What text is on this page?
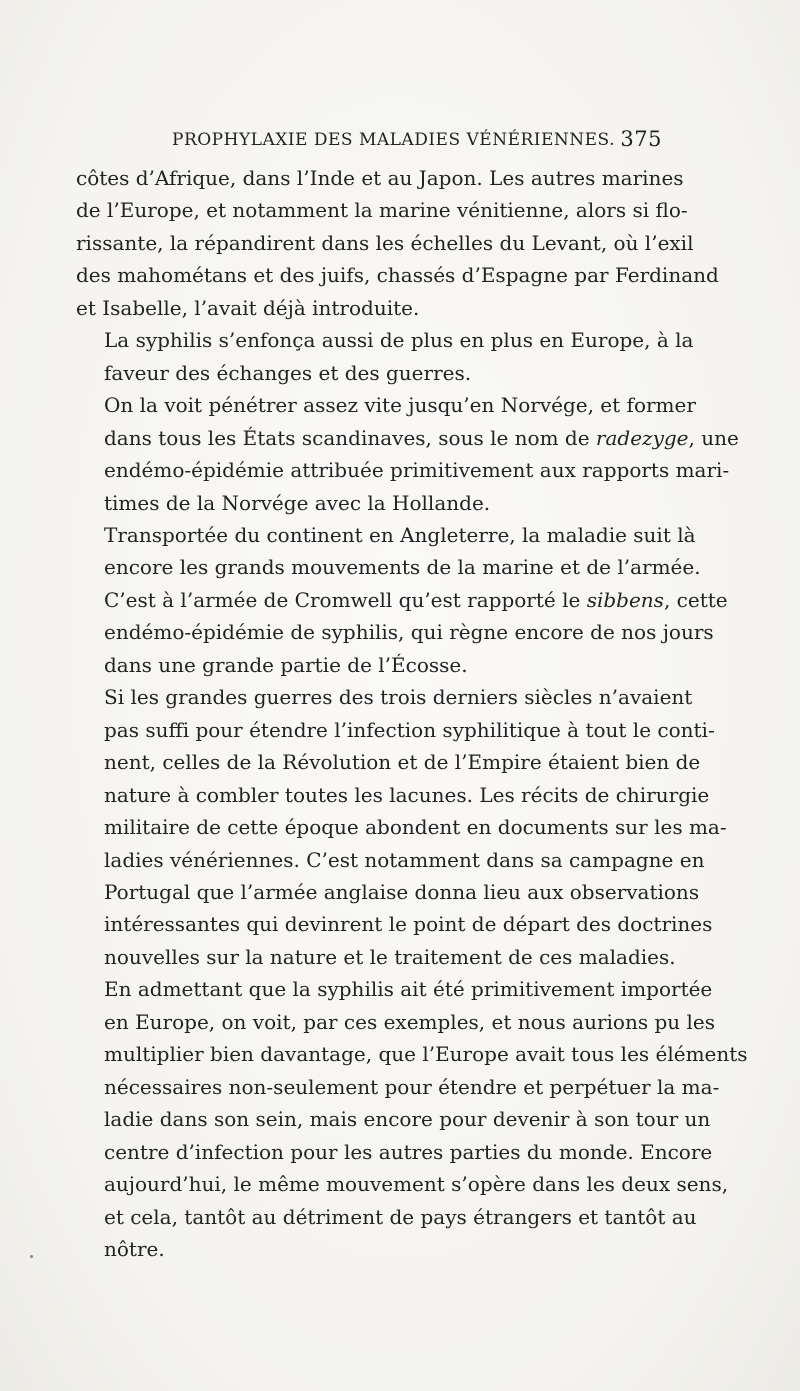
PROPHYLAXIE DES MALADIES VÉNÉRIENNES. 375

côtes d’Afrique, dans l’Inde et au Japon. Les autres marines
de l’Europe, et notamment la marine vénitienne, alors si flo-
rissante, la répandirent dans les échelles du Levant, où l’exil
des mahométans et des juifs, chassés d’Espagne par Ferdinand
et Isabelle, l’avait déjà introduite.

La syphilis s’enfonça aussi de plus en plus en Europe, à la
faveur des échanges et des guerres.

On la voit pénétrer assez vite jusqu’en Norvége, et former
dans tous les États scandinaves, sous le nom de radezyge, une
endémo-épidémie attribuée primitivement aux rapports mari-
times de la Norvége avec la Hollande.

Transportée du continent en Angleterre, la maladie suit là
encore les grands mouvements de la marine et de l’armée.
C’est à l’armée de Cromwell qu’est rapporté le sibbens, cette
endémo-épidémie de syphilis, qui règne encore de nos jours
dans une grande partie de l’Écosse.

Si les grandes guerres des trois derniers siècles n’avaient
pas suffi pour étendre l’infection syphilitique à tout le conti-
nent, celles de la Révolution et de l’Empire étaient bien de
nature à combler toutes les lacunes. Les récits de chirurgie
militaire de cette époque abondent en documents sur les ma-
ladies vénériennes. C’est notamment dans sa campagne en
Portugal que l’armée anglaise donna lieu aux observations
intéressantes qui devinrent le point de départ des doctrines
nouvelles sur la nature et le traitement de ces maladies.

En admettant que la syphilis ait été primitivement importée
en Europe, on voit, par ces exemples, et nous aurions pu les
multiplier bien davantage, que l’Europe avait tous les éléments
nécessaires non-seulement pour étendre et perpétuer la ma-
ladie dans son sein, mais encore pour devenir à son tour un
centre d’infection pour les autres parties du monde. Encore
aujourd’hui, le même mouvement s’opère dans les deux sens,
et cela, tantôt au détriment de pays étrangers et tantôt au
nôtre.
